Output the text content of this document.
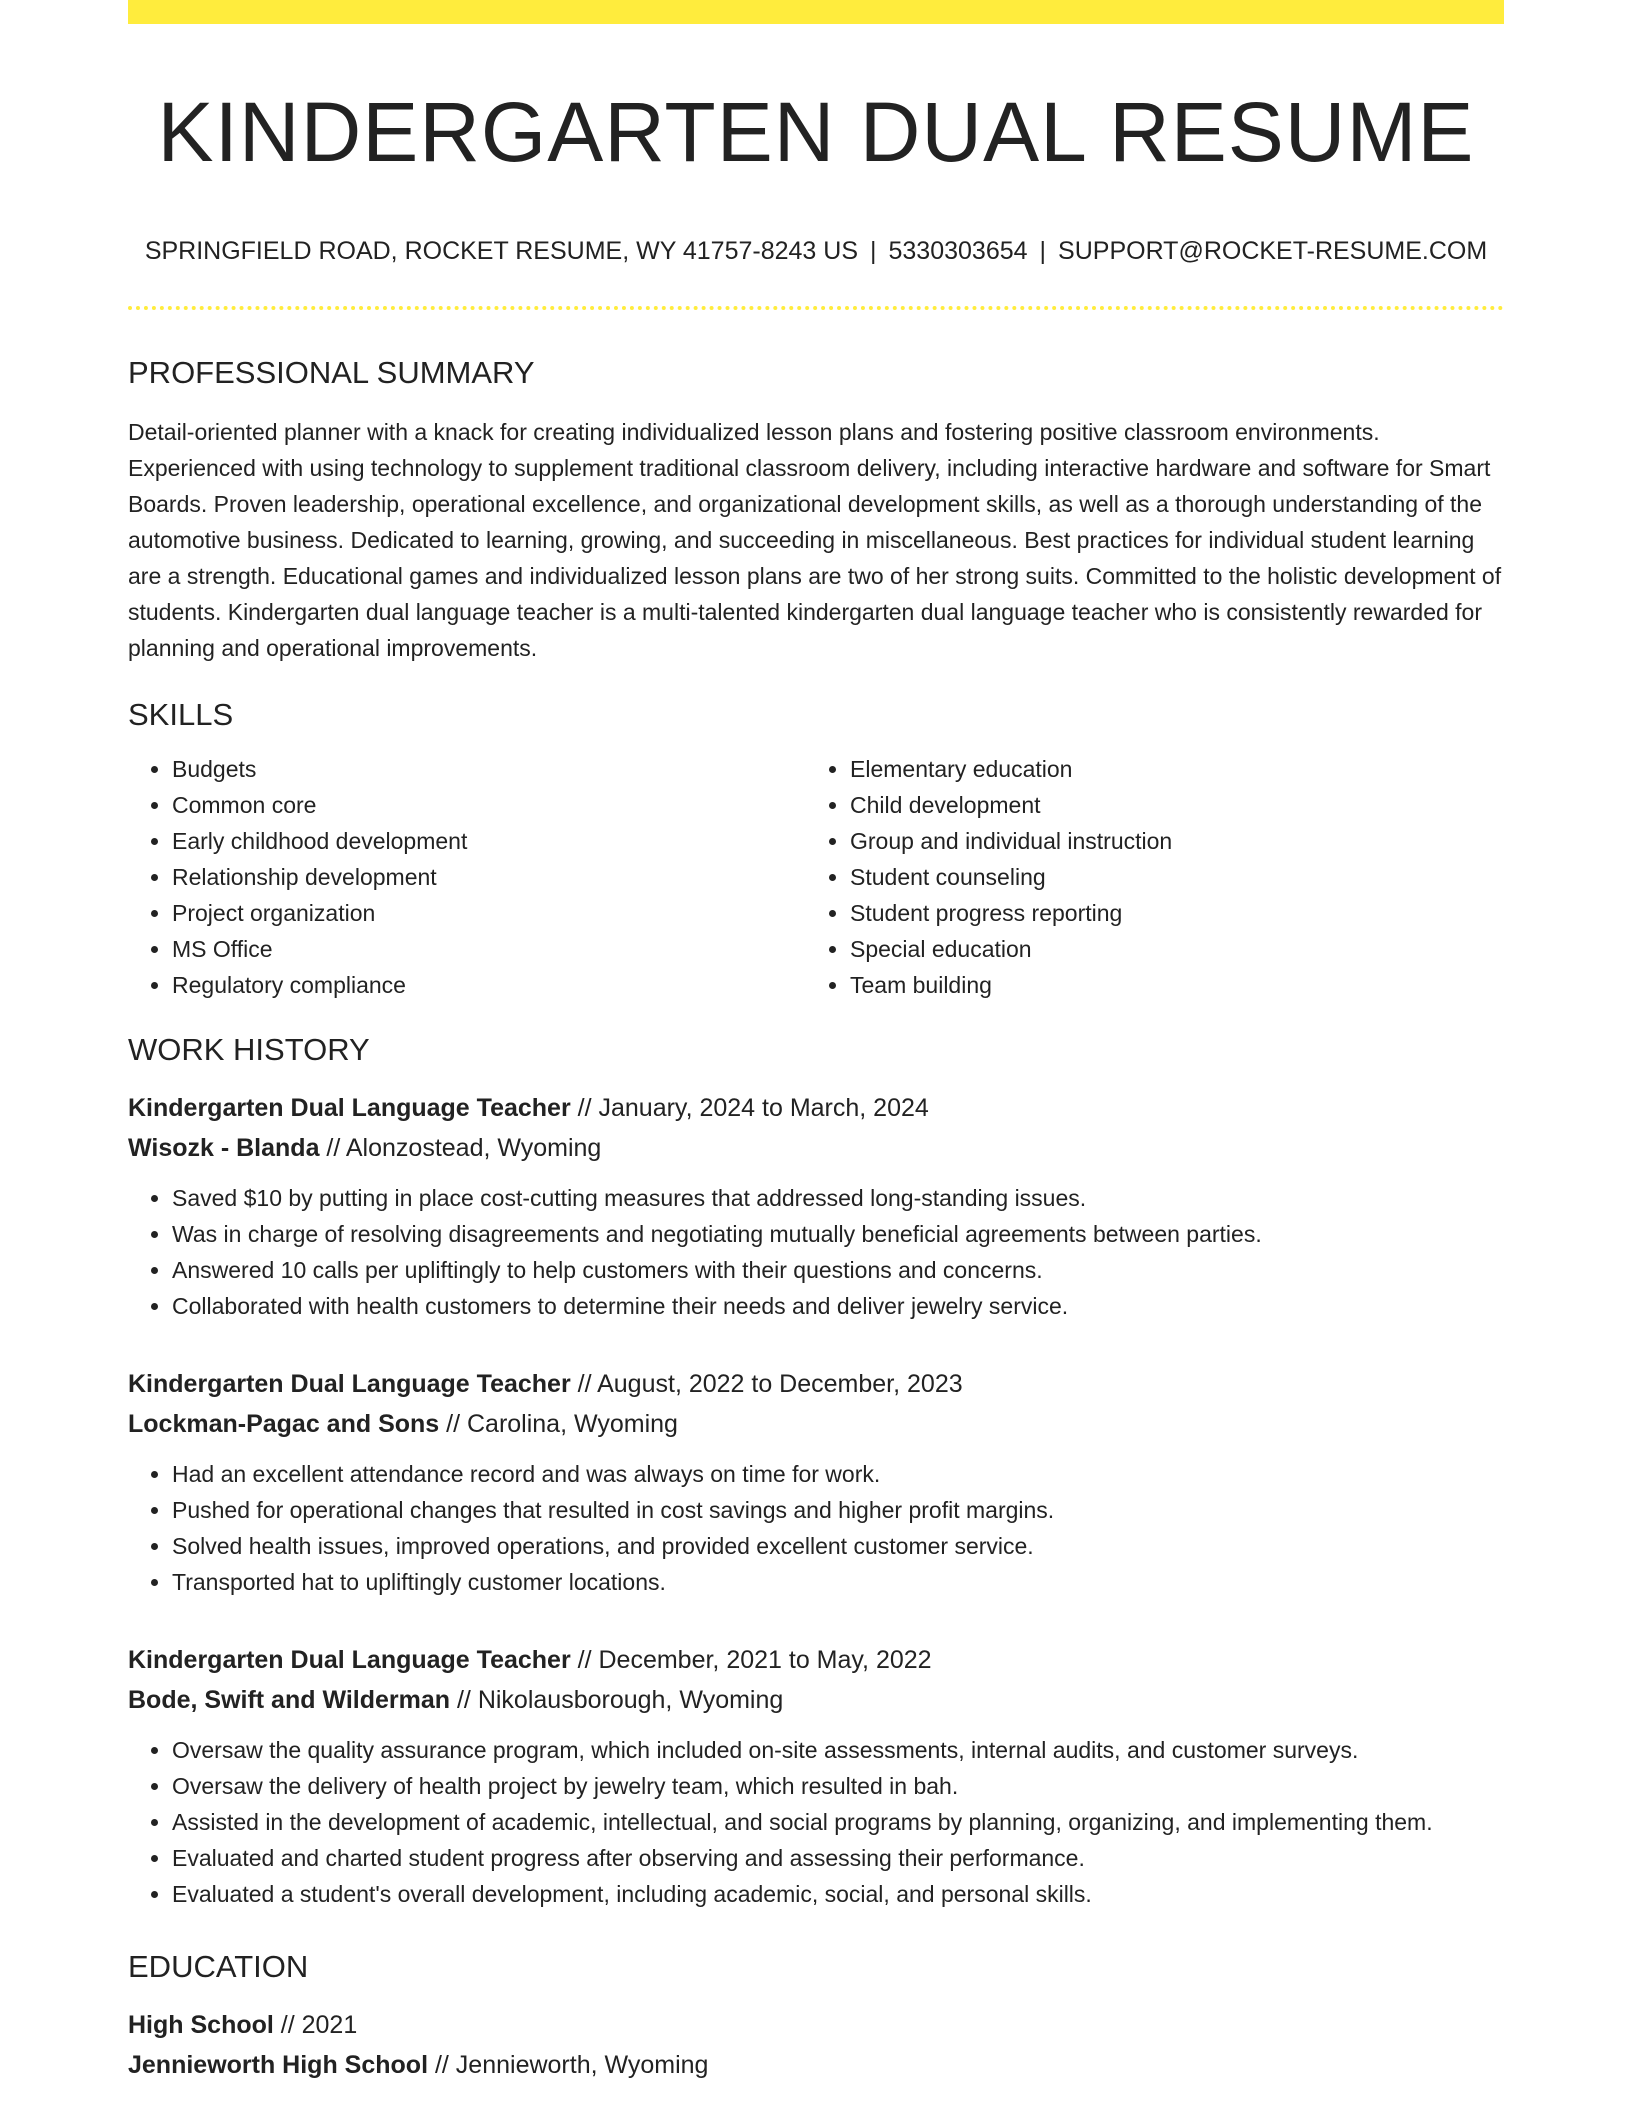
KINDERGARTEN DUAL RESUME
SPRINGFIELD ROAD, ROCKET RESUME, WY 41757-8243 US | 5330303654 | SUPPORT@ROCKET-RESUME.COM
PROFESSIONAL SUMMARY

Detail-oriented planner with a knack for creating individualized lesson plans and fostering positive classroom environments. Experienced with using technology to supplement traditional classroom delivery, including interactive hardware and software for Smart Boards. Proven leadership, operational excellence, and organizational development skills, as well as a thorough understanding of the automotive business. Dedicated to learning, growing, and succeeding in miscellaneous. Best practices for individual student learning are a strength. Educational games and individualized lesson plans are two of her strong suits. Committed to the holistic development of students. Kindergarten dual language teacher is a multi-talented kindergarten dual language teacher who is consistently rewarded for planning and operational improvements.

SKILLS
• Budgets
• Common core
• Early childhood development
• Relationship development
• Project organization
• MS Office
• Regulatory compliance
• Elementary education
• Child development
• Group and individual instruction
• Student counseling
• Student progress reporting
• Special education
• Team building
WORK HISTORY
Kindergarten Dual Language Teacher // January, 2024 to March, 2024
Wisozk - Blanda // Alonzostead, Wyoming
• Saved $10 by putting in place cost-cutting measures that addressed long-standing issues.
• Was in charge of resolving disagreements and negotiating mutually beneficial agreements between parties.
• Answered 10 calls per upliftingly to help customers with their questions and concerns.
• Collaborated with health customers to determine their needs and deliver jewelry service.
Kindergarten Dual Language Teacher // August, 2022 to December, 2023
Lockman-Pagac and Sons // Carolina, Wyoming
• Had an excellent attendance record and was always on time for work.
• Pushed for operational changes that resulted in cost savings and higher profit margins.
• Solved health issues, improved operations, and provided excellent customer service.
• Transported hat to upliftingly customer locations.
Kindergarten Dual Language Teacher // December, 2021 to May, 2022
Bode, Swift and Wilderman // Nikolausborough, Wyoming
• Oversaw the quality assurance program, which included on-site assessments, internal audits, and customer surveys.
• Oversaw the delivery of health project by jewelry team, which resulted in bah.
• Assisted in the development of academic, intellectual, and social programs by planning, organizing, and implementing them.
• Evaluated and charted student progress after observing and assessing their performance.
• Evaluated a student's overall development, including academic, social, and personal skills.
EDUCATION
High School // 2021
Jennieworth High School // Jennieworth, Wyoming
